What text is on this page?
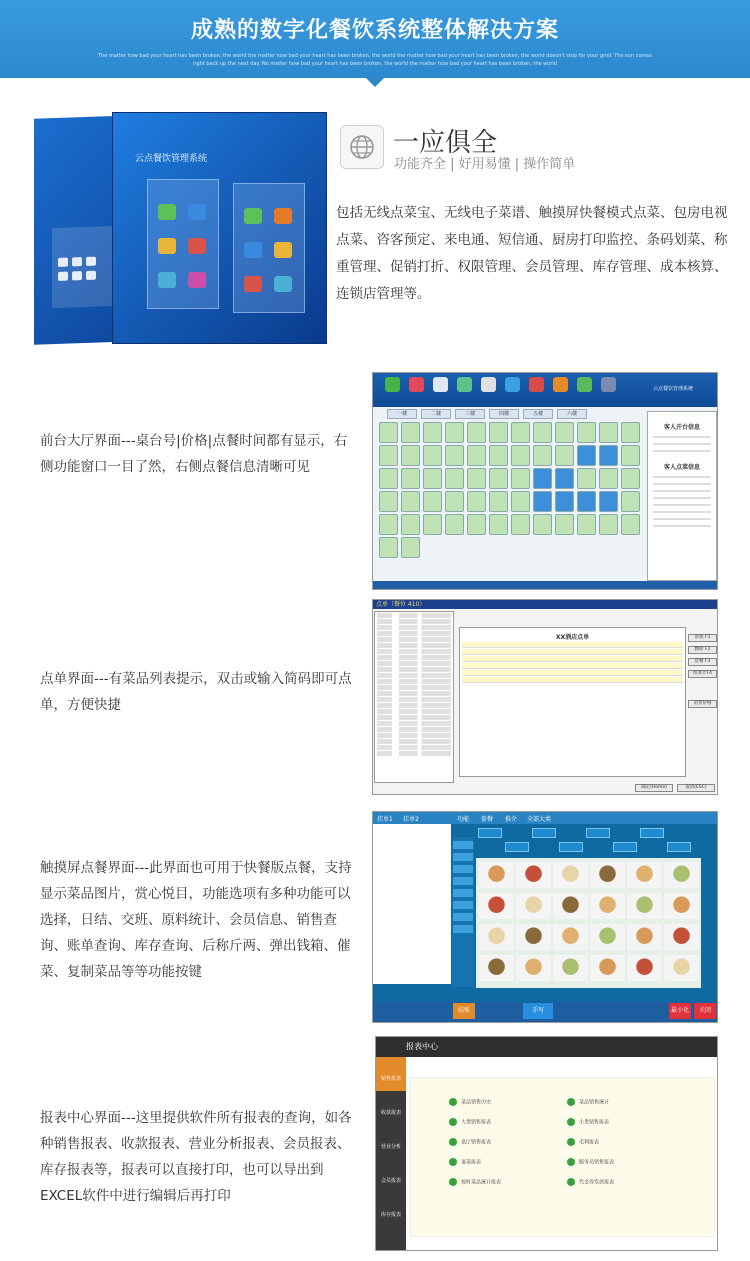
成熟的数字化餐饮系统整体解决方案
The matter how bad your heart has been broken, the world the matter how bad your heart has been broken, the world the matter how bad your heart has been broken, the world doesn't stop for your grief. The sun comes right back up the next day. No matter how bad your heart has been broken, the world the matter how bad your heart has been broken, the world
云点餐饮管理系统
一应俱全
功能齐全 | 好用易懂 | 操作简单
包括无线点菜宝、无线电子菜谱、触摸屏快餐模式点菜、包房电视点菜、咨客预定、来电通、短信通、厨房打印监控、条码划菜、称重管理、促销打折、权限管理、会员管理、库存管理、成本核算、连锁店管理等。
前台大厅界面---桌台号|价格|点餐时间都有显示，右侧功能窗口一目了然，右侧点餐信息清晰可见
云点餐饮管理系统
一楼	二楼	三楼	四楼	五楼	六楼
客人开台信息
客人点菜信息
点单界面---有菜品列表提示，双击或输入简码即可点单，方便快捷
点单（餐位 410）
XX酒店点单	添加 F1
删除 F2
套餐 F3
组菜计F4
退货价格
确定(Home)	取消(ESC)
触摸屏点餐界面---此界面也可用于快餐版点餐，支持显示菜品图片，赏心悦目，功能选项有多种功能可以选择，日结、交班、原料统计、会员信息、销售查询、账单查询、库存查询、后称斤两、弹出钱箱、催菜、复制菜品等等功能按键
挂单1 挂单2	功能 套餐 推介 全部大类
结账	手写	最小化	关闭
报表中心界面---这里提供软件所有报表的查询，如各种销售报表、收款报表、营业分析报表、会员报表、库存报表等，报表可以直接打印，也可以导出到EXCEL软件中进行编辑后再打印
报表中心
销售报表
收款报表
营业分析
会员报表
库存报表
菜品销售历史
大类销售报表
桌厅销售报表
退菜报表
按时菜品统计报表
菜品销售统计
小类销售报表
毛利报表
服务员销售报表
代金券发放报表
